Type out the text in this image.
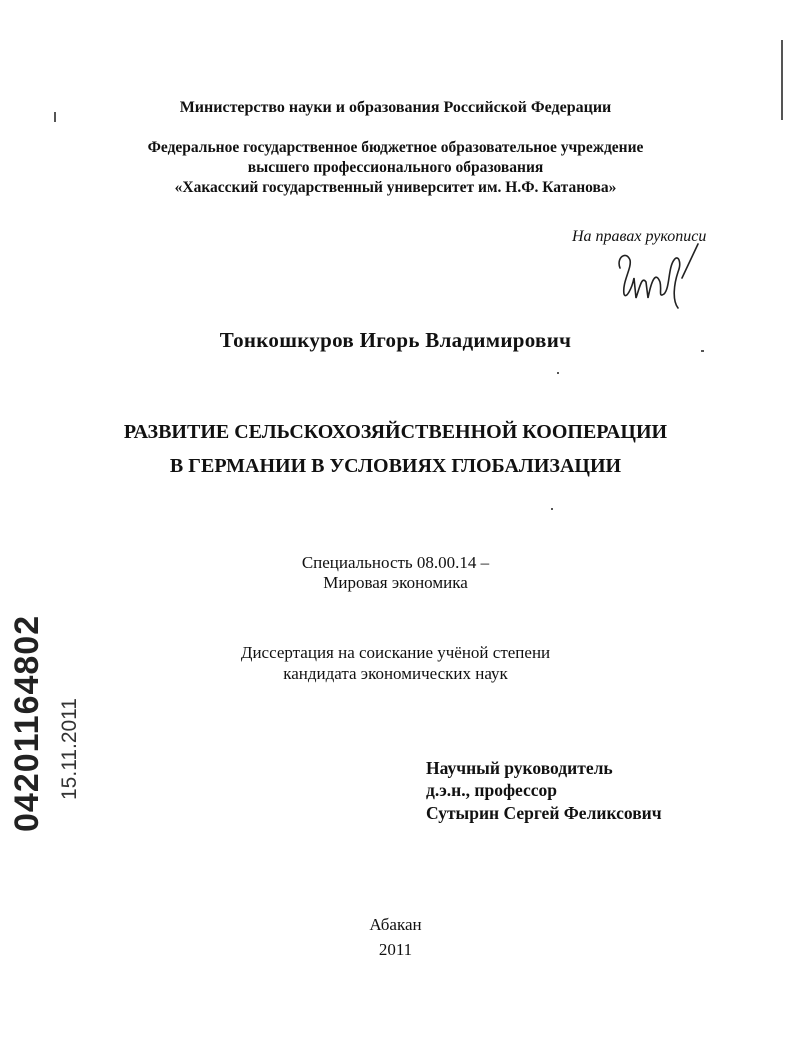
Министерство науки и образования Российской Федерации
Федеральное государственное бюджетное образовательное учреждение
высшего профессионального образования
«Хакасский государственный университет им. Н.Ф. Катанова»
На правах рукописи
Тонкошкуров Игорь Владимирович
РАЗВИТИЕ СЕЛЬСКОХОЗЯЙСТВЕННОЙ КООПЕРАЦИИ
В ГЕРМАНИИ В УСЛОВИЯХ ГЛОБАЛИЗАЦИИ
Специальность 08.00.14 –
Мировая экономика
Диссертация на соискание учёной степени
кандидата экономических наук
Научный руководитель
д.э.н., профессор
Сутырин Сергей Феликсович
Абакан
2011
04201164802 15.11.2011
